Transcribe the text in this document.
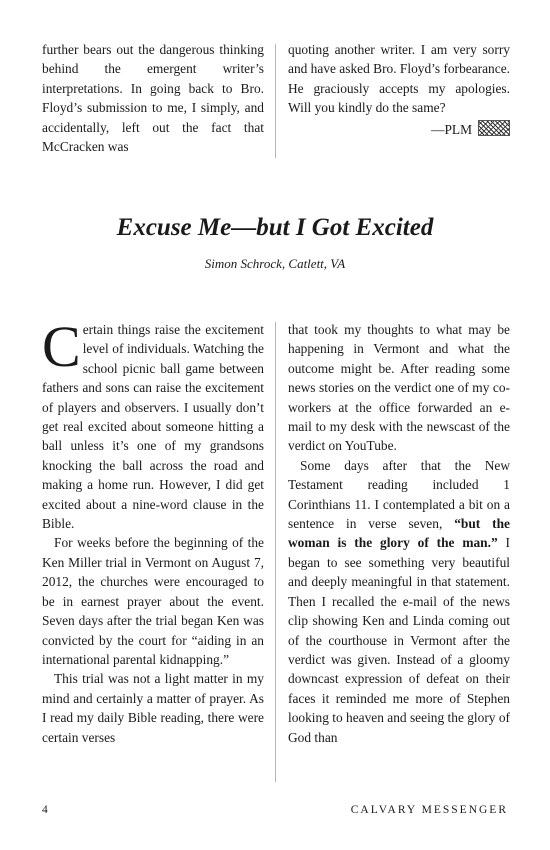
further bears out the dangerous thinking behind the emergent writer’s interpretations. In going back to Bro. Floyd’s submission to me, I simply, and accidentally, left out the fact that McCracken was

quoting another writer. I am very sorry and have asked Bro. Floyd’s forbearance. He graciously accepts my apologies. Will you kindly do the same?

—PLM
Excuse Me—but I Got Excited

Simon Schrock, Catlett, VA

Certain things raise the excitement level of individuals. Watching the school picnic ball game between fathers and sons can raise the excitement of players and observers. I usually don’t get real excited about someone hitting a ball unless it’s one of my grandsons knocking the ball across the road and making a home run. However, I did get excited about a nine-word clause in the Bible.

For weeks before the beginning of the Ken Miller trial in Vermont on August 7, 2012, the churches were encouraged to be in earnest prayer about the event. Seven days after the trial began Ken was convicted by the court for “aiding in an international parental kidnapping.”

This trial was not a light matter in my mind and certainly a matter of prayer. As I read my daily Bible reading, there were certain verses

that took my thoughts to what may be happening in Vermont and what the outcome might be. After reading some news stories on the verdict one of my co-workers at the office forwarded an e-mail to my desk with the newscast of the verdict on YouTube.

Some days after that the New Testament reading included 1 Corinthians 11. I contemplated a bit on a sentence in verse seven, “but the woman is the glory of the man.” I began to see something very beautiful and deeply meaningful in that statement. Then I recalled the e-mail of the news clip showing Ken and Linda coming out of the courthouse in Vermont after the verdict was given. Instead of a gloomy downcast expression of defeat on their faces it reminded me more of Stephen looking to heaven and seeing the glory of God than

4	CALVARY MESSENGER
